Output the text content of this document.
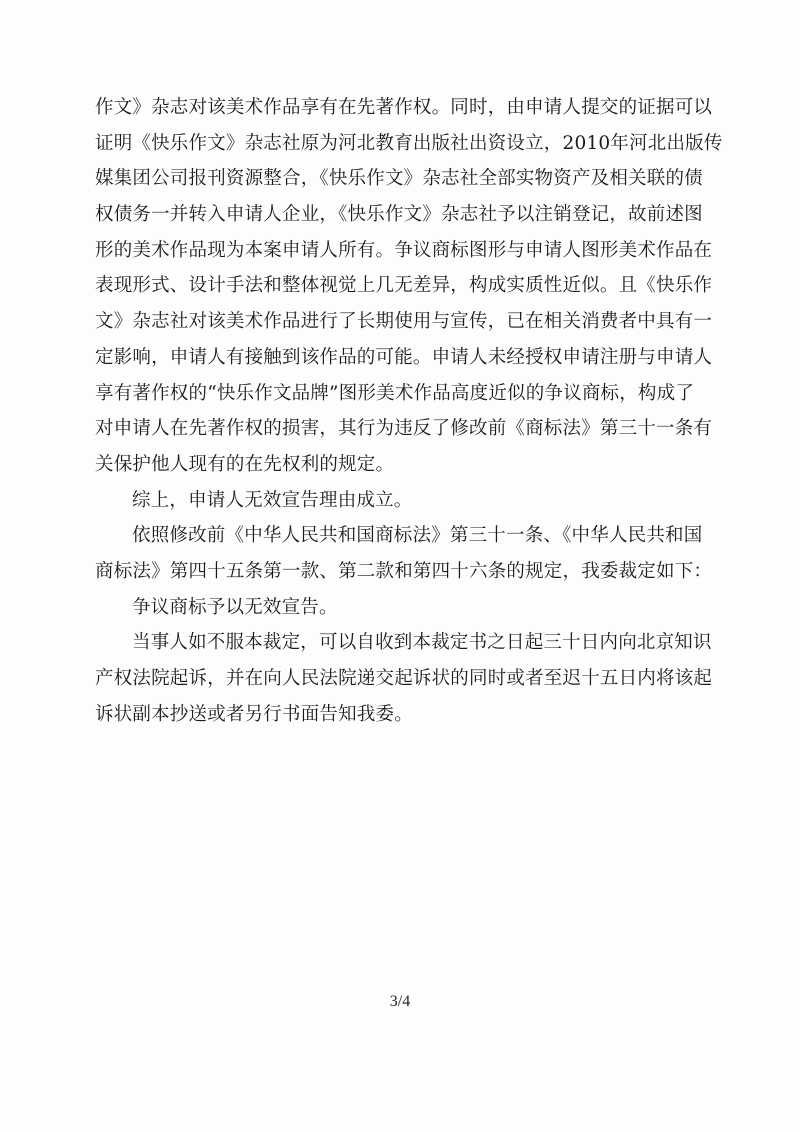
作文》杂志对该美术作品享有在先著作权。同时，由申请人提交的证据可以
证明《快乐作文》杂志社原为河北教育出版社出资设立，2010年河北出版传
媒集团公司报刊资源整合，《快乐作文》杂志社全部实物资产及相关联的债
权债务一并转入申请人企业，《快乐作文》杂志社予以注销登记，故前述图
形的美术作品现为本案申请人所有。争议商标图形与申请人图形美术作品在
表现形式、设计手法和整体视觉上几无差异，构成实质性近似。且《快乐作
文》杂志社对该美术作品进行了长期使用与宣传，已在相关消费者中具有一
定影响，申请人有接触到该作品的可能。申请人未经授权申请注册与申请人
享有著作权的“快乐作文品牌”图形美术作品高度近似的争议商标，构成了
对申请人在先著作权的损害，其行为违反了修改前《商标法》第三十一条有
关保护他人现有的在先权利的规定。
综上，申请人无效宣告理由成立。
依照修改前《中华人民共和国商标法》第三十一条、《中华人民共和国
商标法》第四十五条第一款、第二款和第四十六条的规定，我委裁定如下：
争议商标予以无效宣告。
当事人如不服本裁定，可以自收到本裁定书之日起三十日内向北京知识
产权法院起诉，并在向人民法院递交起诉状的同时或者至迟十五日内将该起
诉状副本抄送或者另行书面告知我委。
3/4
